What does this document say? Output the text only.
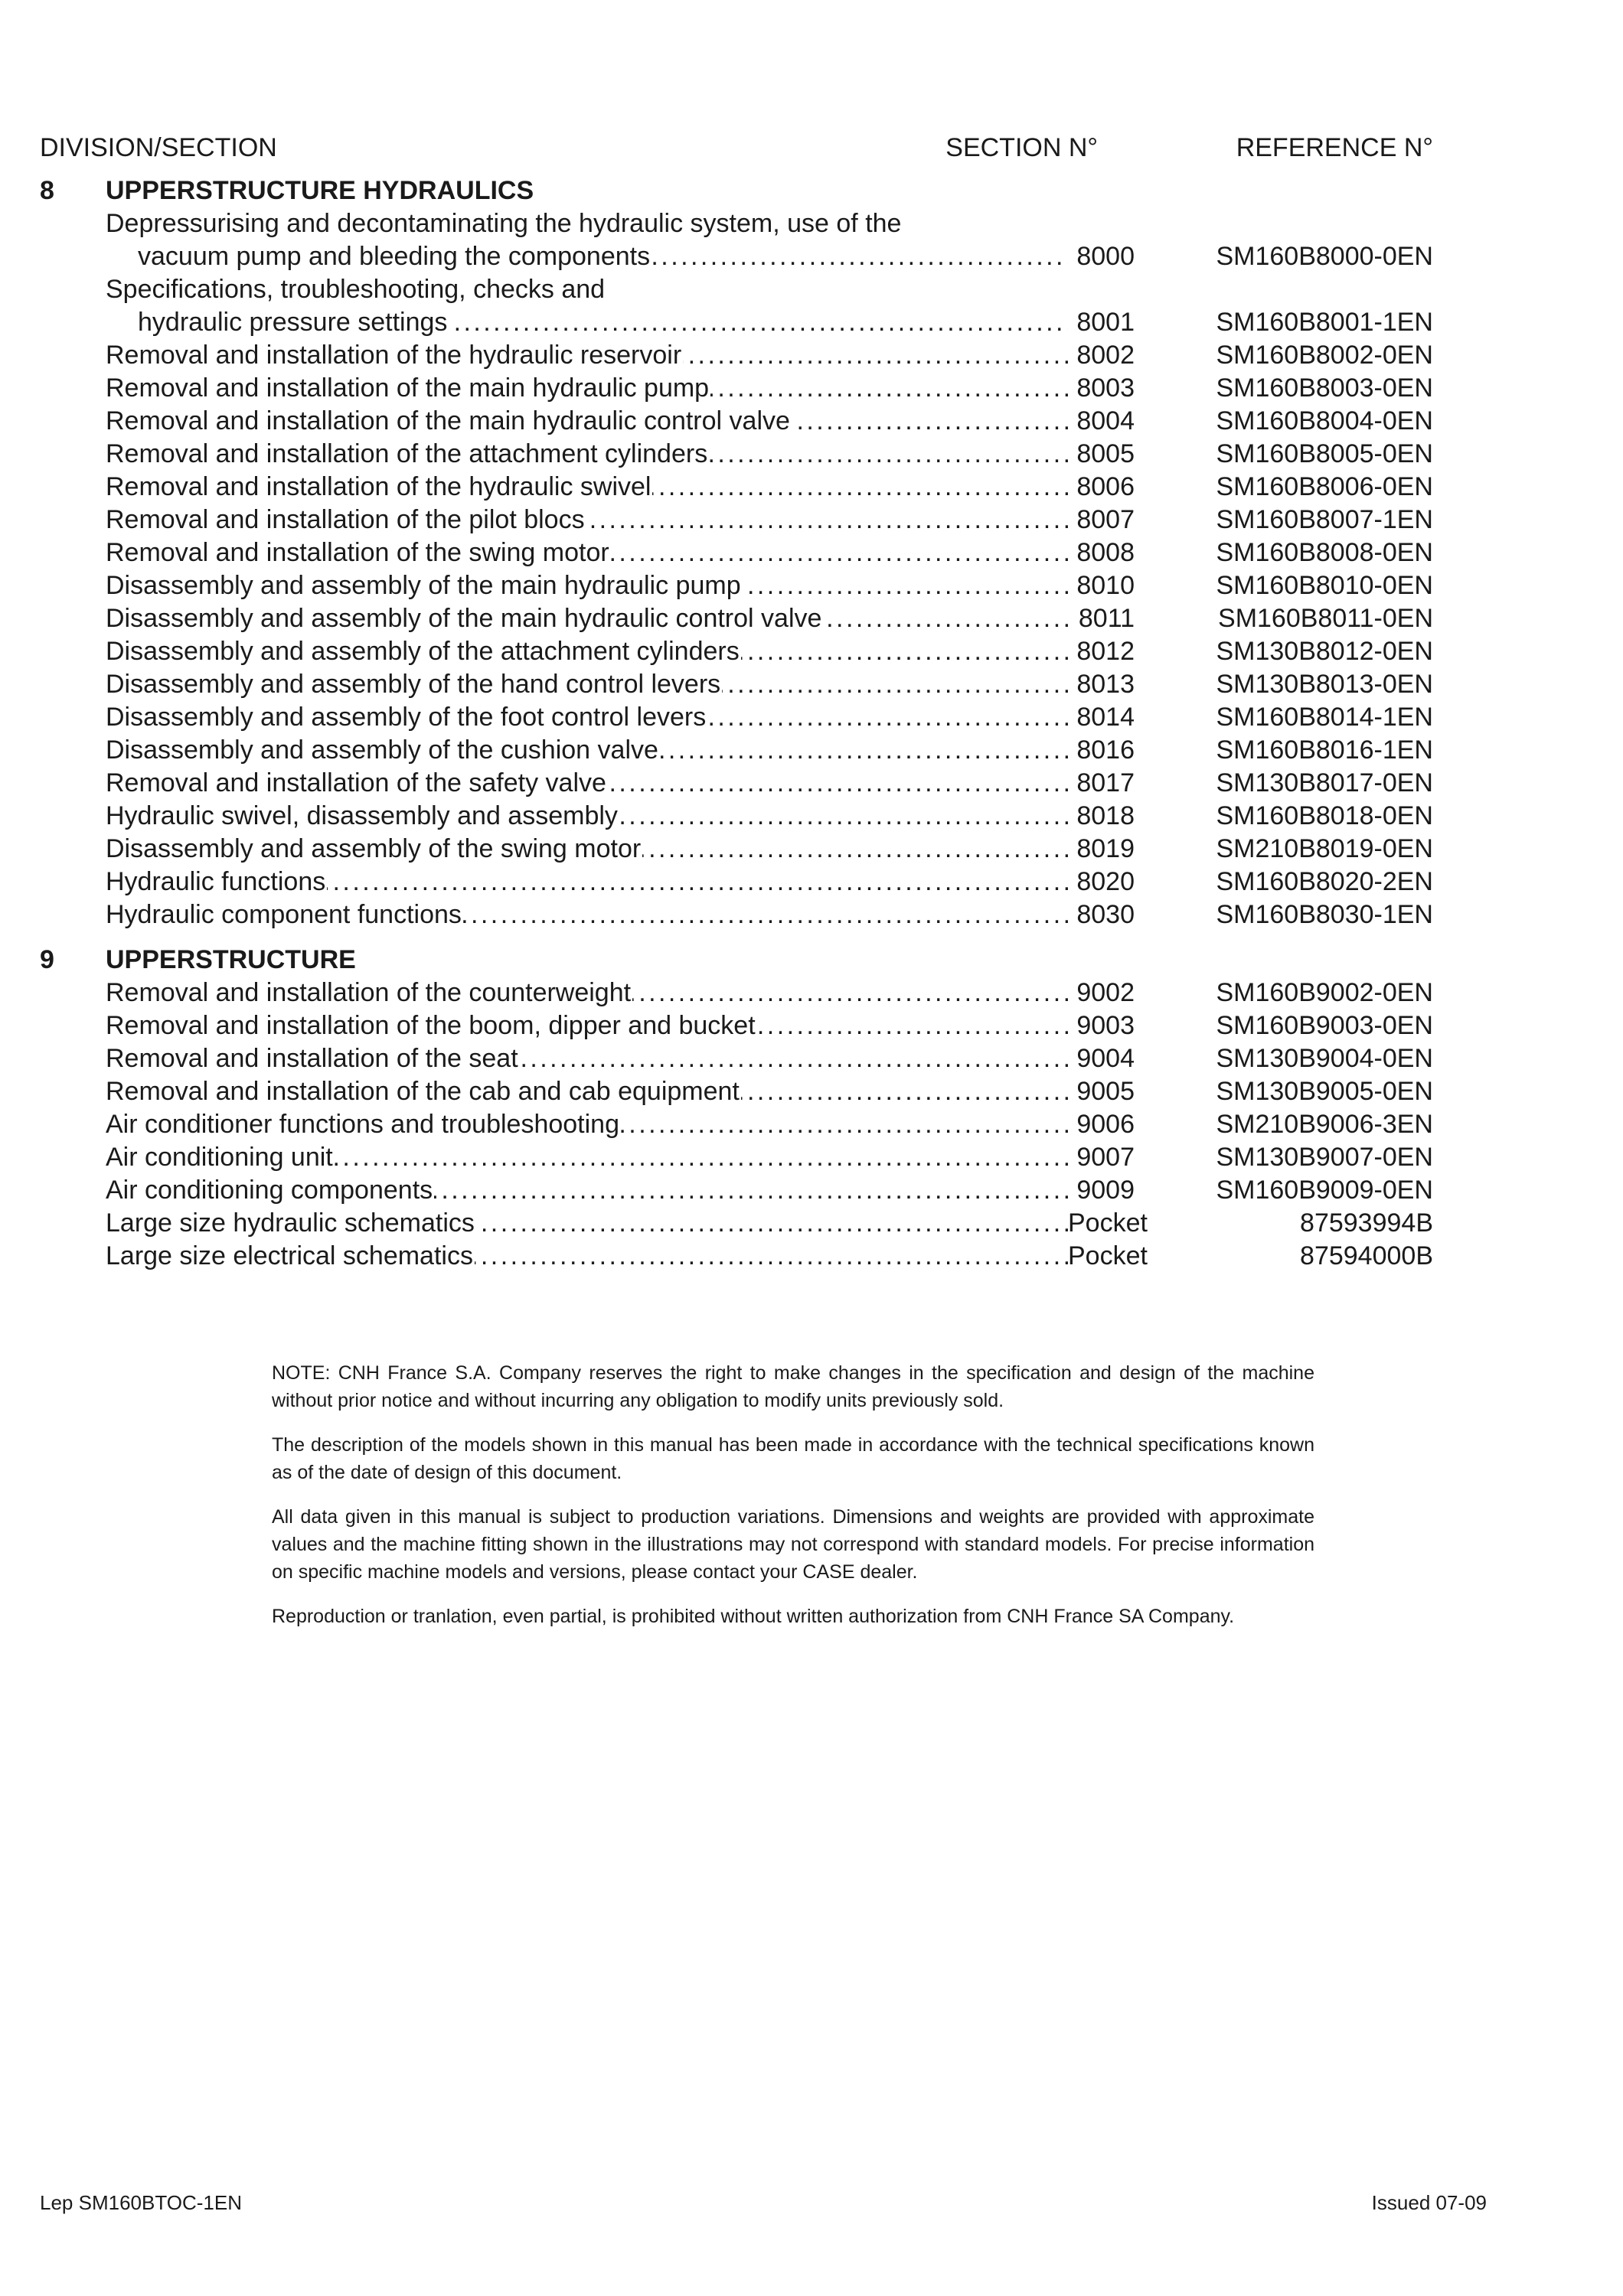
DIVISION/SECTION	SECTION N°	REFERENCE N°
8 UPPERSTRUCTURE HYDRAULICS
Depressurising and decontaminating the hydraulic system, use of the
vacuum pump and bleeding the components . . .	8000	SM160B8000-0EN
Specifications, troubleshooting, checks and
hydraulic pressure settings . . .	8001	SM160B8001-1EN
Removal and installation of the hydraulic reservoir . . .	8002	SM160B8002-0EN
Removal and installation of the main hydraulic pump . . .	8003	SM160B8003-0EN
Removal and installation of the main hydraulic control valve . . .	8004	SM160B8004-0EN
Removal and installation of the attachment cylinders . . .	8005	SM160B8005-0EN
Removal and installation of the hydraulic swivel . . .	8006	SM160B8006-0EN
Removal and installation of the pilot blocs . . .	8007	SM160B8007-1EN
Removal and installation of the swing motor . . .	8008	SM160B8008-0EN
Disassembly and assembly of the main hydraulic pump . . .	8010	SM160B8010-0EN
Disassembly and assembly of the main hydraulic control valve . . .	8011	SM160B8011-0EN
Disassembly and assembly of the attachment cylinders . . .	8012	SM130B8012-0EN
Disassembly and assembly of the hand control levers . . .	8013	SM130B8013-0EN
Disassembly and assembly of the foot control levers . . .	8014	SM160B8014-1EN
Disassembly and assembly of the cushion valve . . .	8016	SM160B8016-1EN
Removal and installation of the safety valve . . .	8017	SM130B8017-0EN
Hydraulic swivel, disassembly and assembly . . .	8018	SM160B8018-0EN
Disassembly and assembly of the swing motor . . .	8019	SM210B8019-0EN
Hydraulic functions . . .	8020	SM160B8020-2EN
Hydraulic component functions . . .	8030	SM160B8030-1EN
9 UPPERSTRUCTURE
Removal and installation of the counterweight . . .	9002	SM160B9002-0EN
Removal and installation of the boom, dipper and bucket . . .	9003	SM160B9003-0EN
Removal and installation of the seat . . .	9004	SM130B9004-0EN
Removal and installation of the cab and cab equipment . . .	9005	SM130B9005-0EN
Air conditioner functions and troubleshooting . . .	9006	SM210B9006-3EN
Air conditioning unit . . .	9007	SM130B9007-0EN
Air conditioning components . . .	9009	SM160B9009-0EN
Large size hydraulic schematics . . .	Pocket	87593994B
Large size electrical schematics . . .	Pocket	87594000B

NOTE: CNH France S.A. Company reserves the right to make changes in the specification and design of the machine without prior notice and without incurring any obligation to modify units previously sold.

The description of the models shown in this manual has been made in accordance with the technical specifications known as of the date of design of this document.

All data given in this manual is subject to production variations. Dimensions and weights are provided with approximate values and the machine fitting shown in the illustrations may not correspond with standard models. For precise information on specific machine models and versions, please contact your CASE dealer.

Reproduction or tranlation, even partial, is prohibited without written authorization from CNH France SA Company.

Lep SM160BTOC-1EN	Issued 07-09
